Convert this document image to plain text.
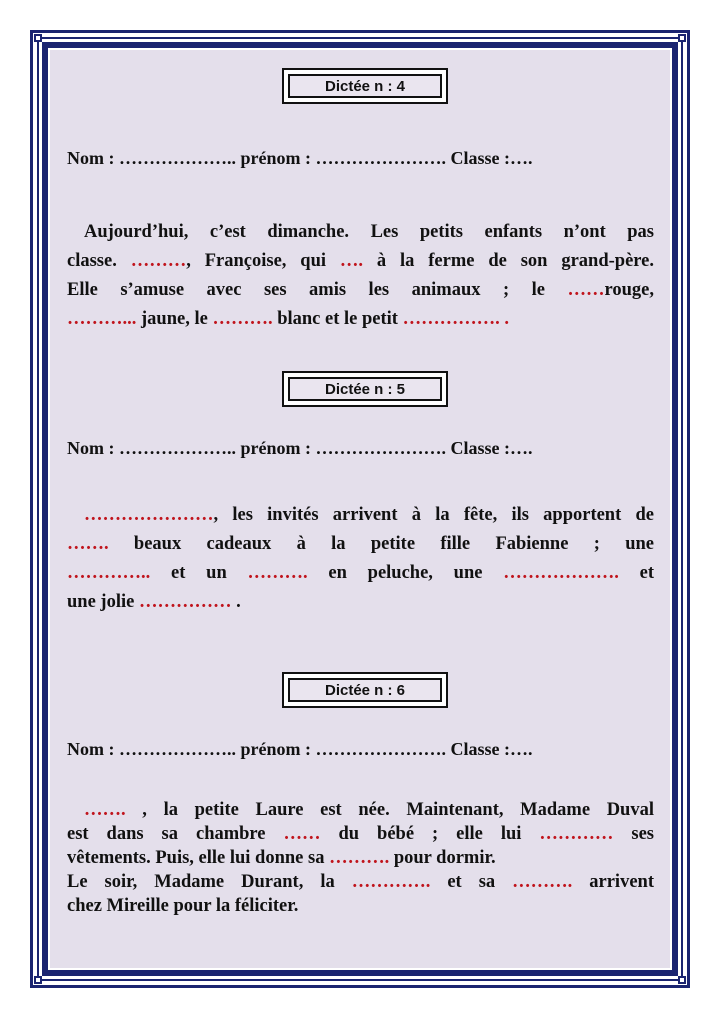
Dictée n : 4
Nom : ……………….. prénom : …………………. Classe :….
Aujourd’hui, c’est dimanche. Les petits enfants n’ont pas
classe. ………, Françoise, qui …. à la ferme de son grand-père.
Elle s’amuse avec ses amis les animaux ; le ……rouge,
………... jaune, le ………. blanc et le petit ……………. .
Dictée n : 5
Nom : ……………….. prénom : …………………. Classe :….
…………………, les invités arrivent à la fête, ils apportent de
……. beaux cadeaux à la petite fille Fabienne ; une
………….. et un ………. en peluche, une ………………. et
une jolie …………… .
Dictée n : 6
Nom : ……………….. prénom : …………………. Classe :….
……. , la petite Laure est née. Maintenant, Madame Duval
est dans sa chambre …… du bébé ; elle lui ………… ses
vêtements. Puis, elle lui donne sa ………. pour dormir.
Le soir, Madame Durant, la …………. et sa ………. arrivent
chez Mireille pour la féliciter.
